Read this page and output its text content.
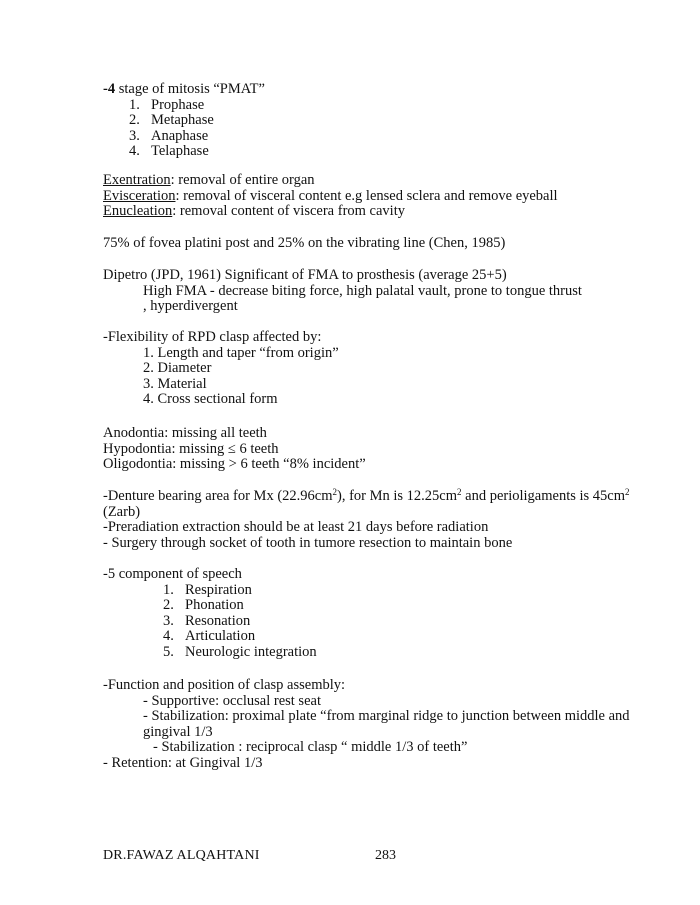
-4 stage of mitosis “PMAT”
1. Prophase
2. Metaphase
3. Anaphase
4. Telaphase
Exentration: removal of entire organ
Evisceration: removal of visceral content e.g lensed sclera and remove eyeball
Enucleation: removal content of viscera from cavity
75% of fovea platini post and 25% on the vibrating line (Chen, 1985)
Dipetro (JPD, 1961) Significant of FMA to prosthesis (average 25+5)
High FMA - decrease biting force, high palatal vault, prone to tongue thrust
, hyperdivergent
-Flexibility of RPD clasp affected by:
1. Length and taper “from origin”
2. Diameter
3. Material
4. Cross sectional form
Anodontia: missing all teeth
Hypodontia: missing ≤ 6 teeth
Oligodontia: missing > 6 teeth “8% incident”
-Denture bearing area for Mx $(22.96cm^2)$, for Mn is $12.25cm^2$ and perioligaments is $45cm^2$
(Zarb)
-Preradiation extraction should be at least 21 days before radiation
- Surgery through socket of tooth in tumore resection to maintain bone
-5 component of speech
1. Respiration
2. Phonation
3. Resonation
4. Articulation
5. Neurologic integration
-Function and position of clasp assembly:
- Supportive: occlusal rest seat
- Stabilization: proximal plate “from marginal ridge to junction between middle and
gingival 1/3
- Stabilization : reciprocal clasp “ middle 1/3 of teeth”
- Retention: at Gingival 1/3
DR.FAWAZ ALQAHTANI	283
